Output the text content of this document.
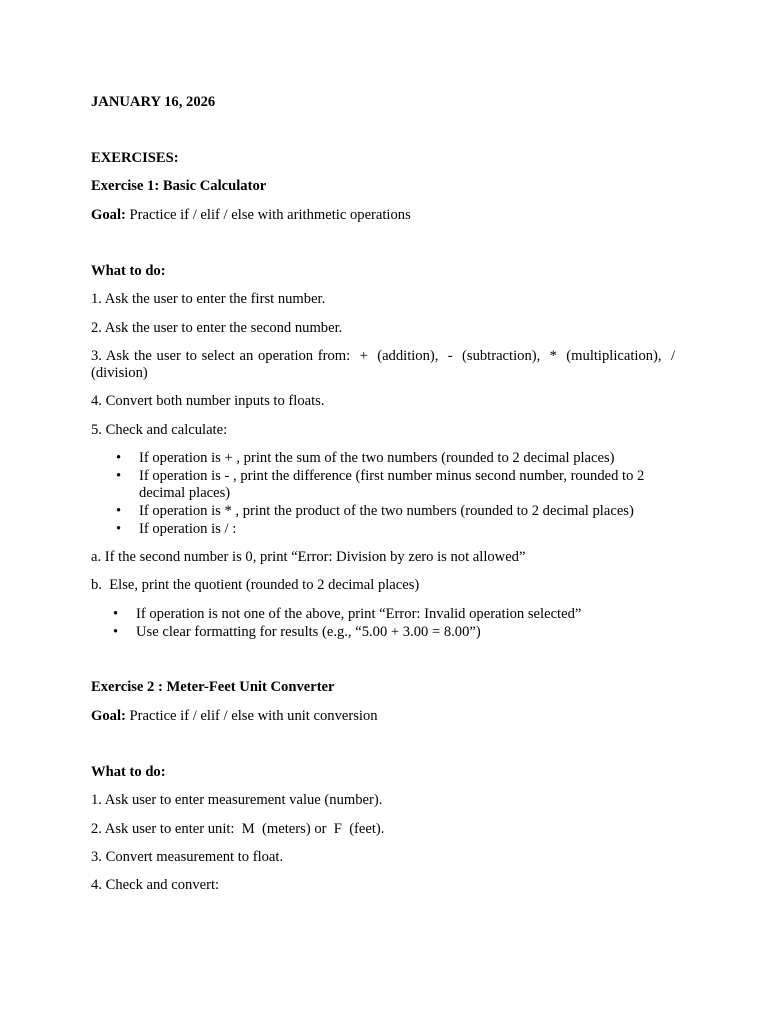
JANUARY 16, 2026

EXERCISES:

Exercise 1: Basic Calculator

Goal: Practice if / elif / else with arithmetic operations

What to do:

1. Ask the user to enter the first number.

2. Ask the user to enter the second number.

3. Ask the user to select an operation from:  +  (addition),  -  (subtraction),  *  (multiplication),  /  (division)

4. Convert both number inputs to floats.

5. Check and calculate:

• If operation is + , print the sum of the two numbers (rounded to 2 decimal places)
• If operation is - , print the difference (first number minus second number, rounded to 2 decimal places)
• If operation is * , print the product of the two numbers (rounded to 2 decimal places)
• If operation is / :

a. If the second number is 0, print “Error: Division by zero is not allowed”

b.  Else, print the quotient (rounded to 2 decimal places)

• If operation is not one of the above, print “Error: Invalid operation selected”
• Use clear formatting for results (e.g., “5.00 + 3.00 = 8.00”)

Exercise 2 : Meter-Feet Unit Converter

Goal: Practice if / elif / else with unit conversion

What to do:

1. Ask user to enter measurement value (number).

2. Ask user to enter unit:  M  (meters) or  F  (feet).

3. Convert measurement to float.

4. Check and convert:
